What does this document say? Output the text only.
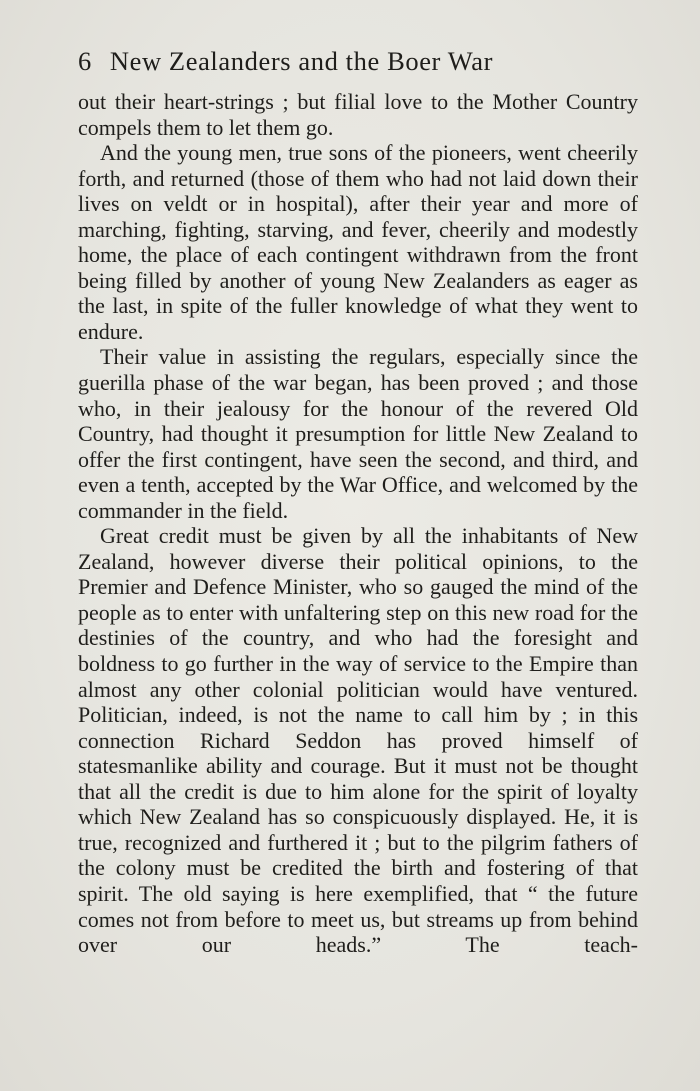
6 New Zealanders and the Boer War

out their heart-strings ; but filial love to the Mother Country compels them to let them go.

And the young men, true sons of the pioneers, went cheerily forth, and returned (those of them who had not laid down their lives on veldt or in hospital), after their year and more of marching, fighting, starving, and fever, cheerily and modestly home, the place of each contingent withdrawn from the front being filled by another of young New Zealanders as eager as the last, in spite of the fuller knowledge of what they went to endure.

Their value in assisting the regulars, especially since the guerilla phase of the war began, has been proved ; and those who, in their jealousy for the honour of the revered Old Country, had thought it presumption for little New Zealand to offer the first contingent, have seen the second, and third, and even a tenth, accepted by the War Office, and welcomed by the commander in the field.

Great credit must be given by all the inhabitants of New Zealand, however diverse their political opinions, to the Premier and Defence Minister, who so gauged the mind of the people as to enter with unfaltering step on this new road for the destinies of the country, and who had the foresight and boldness to go further in the way of service to the Empire than almost any other colonial politician would have ventured. Politician, indeed, is not the name to call him by ; in this connection Richard Seddon has proved himself of statesmanlike ability and courage. But it must not be thought that all the credit is due to him alone for the spirit of loyalty which New Zealand has so conspicuously displayed. He, it is true, recognized and furthered it ; but to the pilgrim fathers of the colony must be credited the birth and fostering of that spirit. The old saying is here exemplified, that “ the future comes not from before to meet us, but streams up from behind over our heads.” The teach-
